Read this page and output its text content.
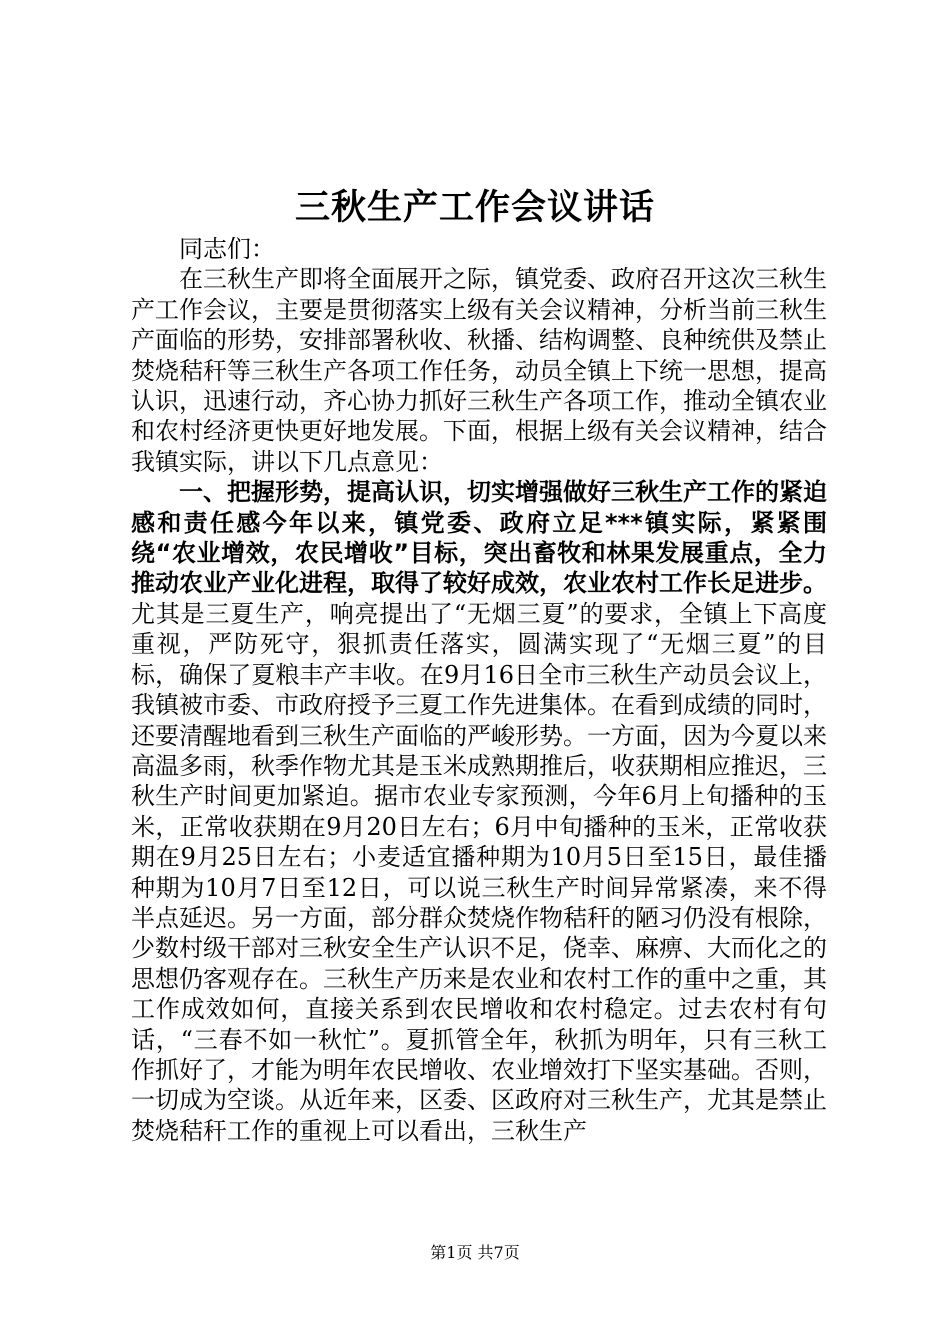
三秋生产工作会议讲话

同志们：

在三秋生产即将全面展开之际，镇党委、政府召开这次三秋生产工作会议，主要是贯彻落实上级有关会议精神，分析当前三秋生产面临的形势，安排部署秋收、秋播、结构调整、良种统供及禁止焚烧秸秆等三秋生产各项工作任务，动员全镇上下统一思想，提高认识，迅速行动，齐心协力抓好三秋生产各项工作，推动全镇农业和农村经济更快更好地发展。下面，根据上级有关会议精神，结合我镇实际，讲以下几点意见：

一、把握形势，提高认识，切实增强做好三秋生产工作的紧迫感和责任感今年以来，镇党委、政府立足***镇实际，紧紧围绕“农业增效，农民增收”目标，突出畜牧和林果发展重点，全力推动农业产业化进程，取得了较好成效，农业农村工作长足进步。尤其是三夏生产，响亮提出了“无烟三夏”的要求，全镇上下高度重视，严防死守，狠抓责任落实，圆满实现了“无烟三夏”的目标，确保了夏粮丰产丰收。在9月16日全市三秋生产动员会议上，我镇被市委、市政府授予三夏工作先进集体。在看到成绩的同时，还要清醒地看到三秋生产面临的严峻形势。一方面，因为今夏以来高温多雨，秋季作物尤其是玉米成熟期推后，收获期相应推迟，三秋生产时间更加紧迫。据市农业专家预测，今年6月上旬播种的玉米，正常收获期在9月20日左右；6月中旬播种的玉米，正常收获期在9月25日左右；小麦适宜播种期为10月5日至15日，最佳播种期为10月7日至12日，可以说三秋生产时间异常紧凑，来不得半点延迟。另一方面，部分群众焚烧作物秸秆的陋习仍没有根除，少数村级干部对三秋安全生产认识不足，侥幸、麻痹、大而化之的思想仍客观存在。三秋生产历来是农业和农村工作的重中之重，其工作成效如何，直接关系到农民增收和农村稳定。过去农村有句话，“三春不如一秋忙”。夏抓管全年，秋抓为明年，只有三秋工作抓好了，才能为明年农民增收、农业增效打下坚实基础。否则，一切成为空谈。从近年来，区委、区政府对三秋生产，尤其是禁止焚烧秸秆工作的重视上可以看出，三秋生产

第1页 共7页
